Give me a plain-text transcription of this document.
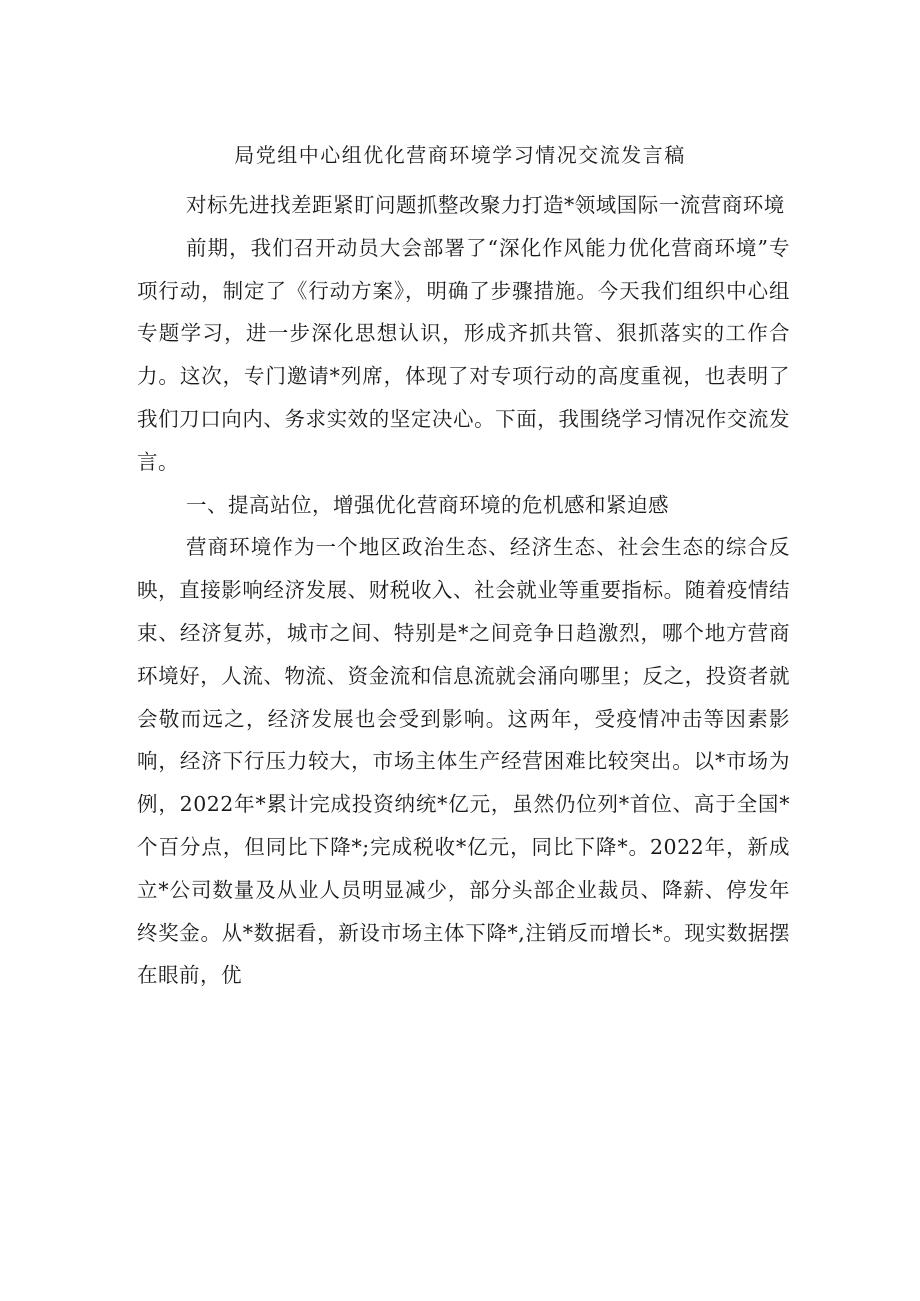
局党组中心组优化营商环境学习情况交流发言稿

对标先进找差距紧盯问题抓整改聚力打造*领域国际一流营商环境

前期，我们召开动员大会部署了“深化作风能力优化营商环境”专项行动，制定了《行动方案》，明确了步骤措施。今天我们组织中心组专题学习，进一步深化思想认识，形成齐抓共管、狠抓落实的工作合力。这次，专门邀请*列席，体现了对专项行动的高度重视，也表明了我们刀口向内、务求实效的坚定决心。下面，我围绕学习情况作交流发言。

一、提高站位，增强优化营商环境的危机感和紧迫感

营商环境作为一个地区政治生态、经济生态、社会生态的综合反映，直接影响经济发展、财税收入、社会就业等重要指标。随着疫情结束、经济复苏，城市之间、特别是*之间竞争日趋激烈，哪个地方营商环境好，人流、物流、资金流和信息流就会涌向哪里；反之，投资者就会敬而远之，经济发展也会受到影响。这两年，受疫情冲击等因素影响，经济下行压力较大，市场主体生产经营困难比较突出。以*市场为例，2022年*累计完成投资纳统*亿元，虽然仍位列*首位、高于全国*个百分点，但同比下降*;完成税收*亿元，同比下降*。2022年，新成立*公司数量及从业人员明显减少，部分头部企业裁员、降薪、停发年终奖金。从*数据看，新设市场主体下降*,注销反而增长*。现实数据摆在眼前，优
